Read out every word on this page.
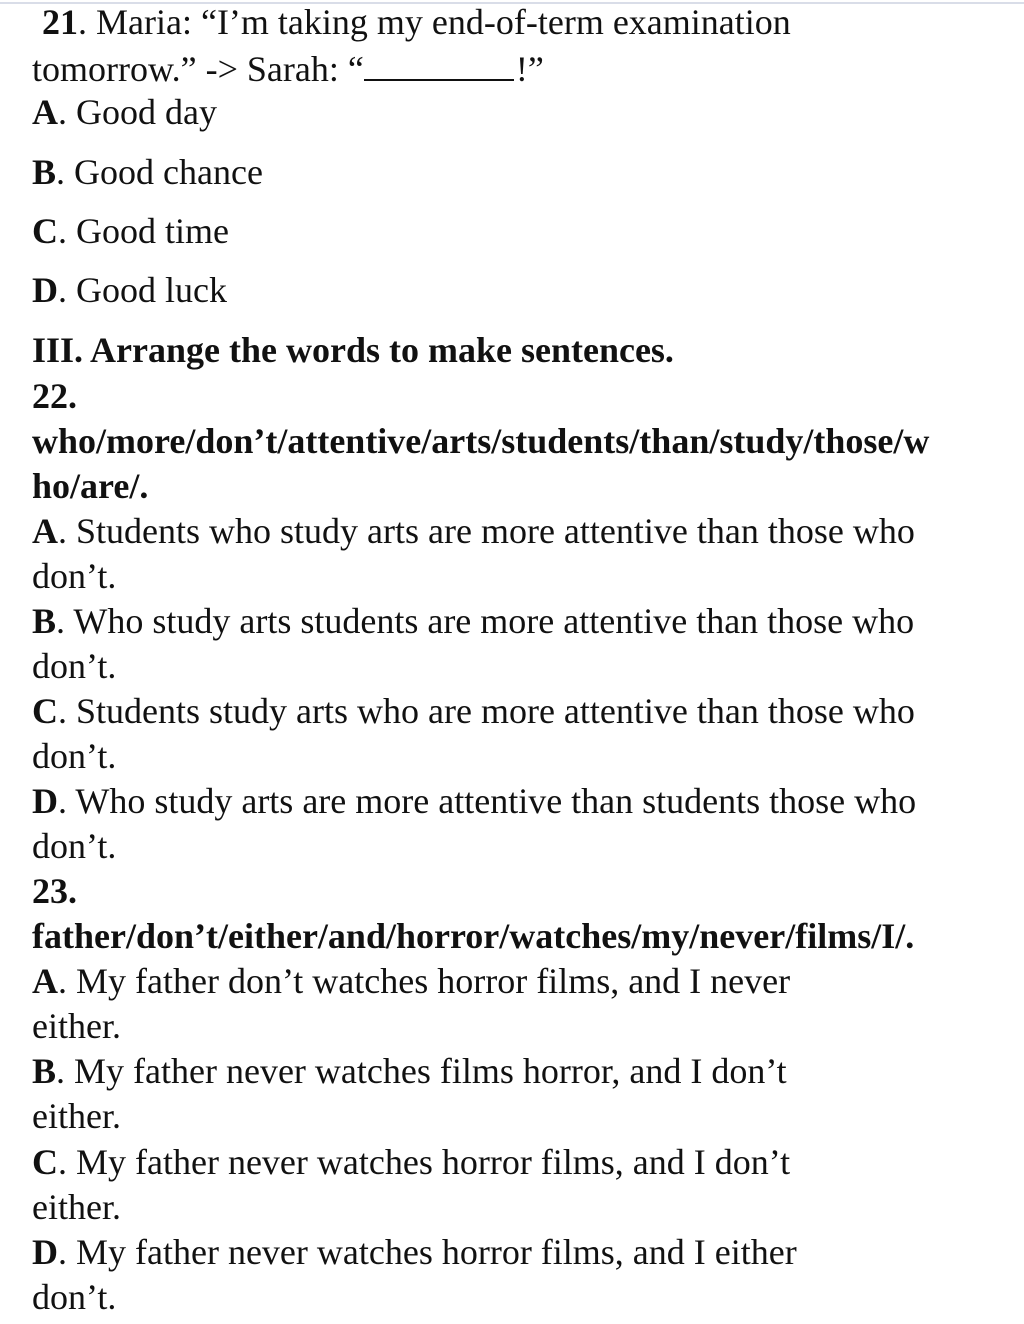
21. Maria: “I’m taking my end-of-term examination
tomorrow.” -> Sarah: “	!”
A. Good day
B. Good chance
C. Good time
D. Good luck
III. Arrange the words to make sentences.
22.
who/more/don’t/attentive/arts/students/than/study/those/w
ho/are/.
A. Students who study arts are more attentive than those who
don’t.
B. Who study arts students are more attentive than those who
don’t.
C. Students study arts who are more attentive than those who
don’t.
D. Who study arts are more attentive than students those who
don’t.
23.
father/don’t/either/and/horror/watches/my/never/films/I/.
A. My father don’t watches horror films, and I never
either.
B. My father never watches films horror, and I don’t
either.
C. My father never watches horror films, and I don’t
either.
D. My father never watches horror films, and I either
don’t.
